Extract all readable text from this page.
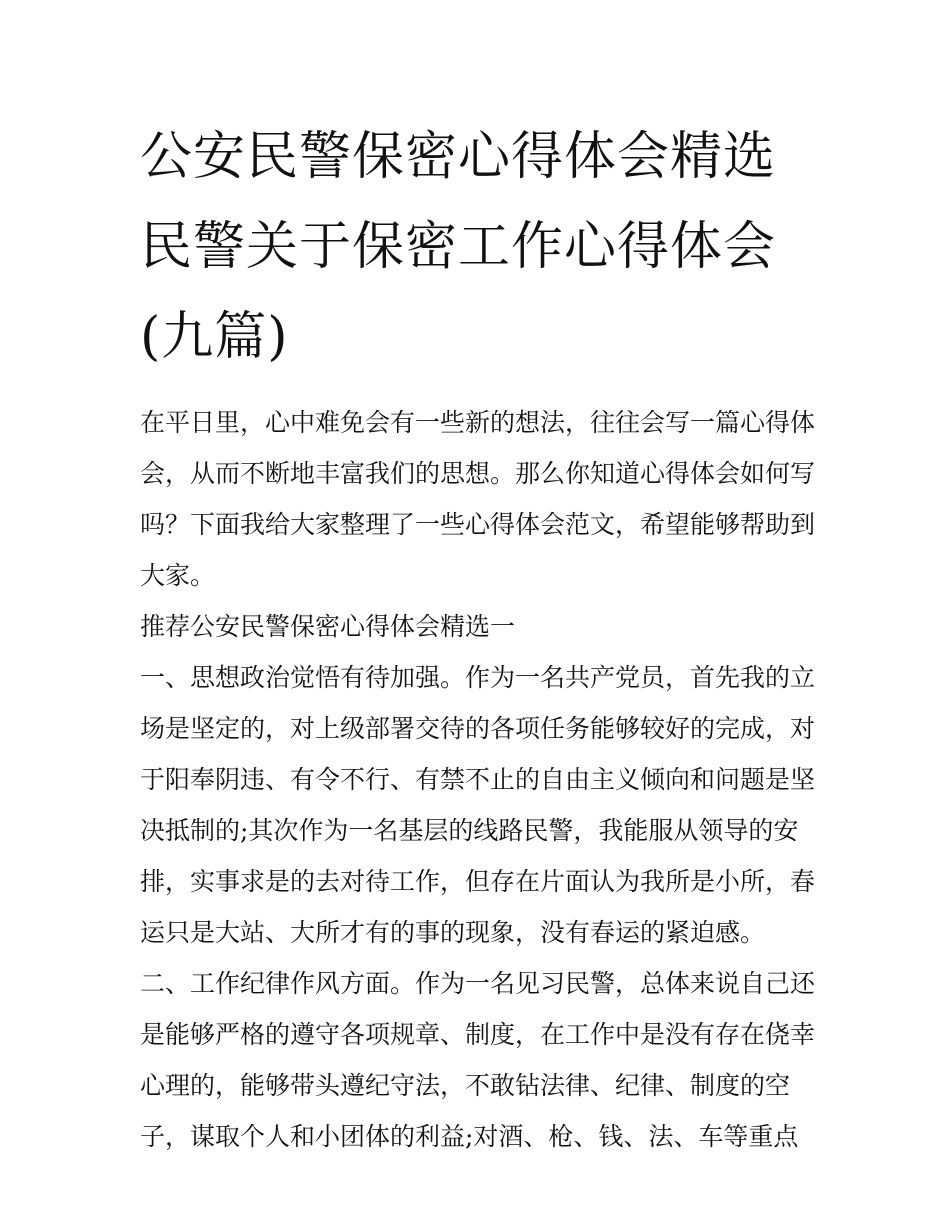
公安民警保密心得体会精选 民警关于保密工作心得体会(九篇)

在平日里，心中难免会有一些新的想法，往往会写一篇心得体会，从而不断地丰富我们的思想。那么你知道心得体会如何写吗？下面我给大家整理了一些心得体会范文，希望能够帮助到大家。

推荐公安民警保密心得体会精选一

一、思想政治觉悟有待加强。作为一名共产党员，首先我的立场是坚定的，对上级部署交待的各项任务能够较好的完成，对于阳奉阴违、有令不行、有禁不止的自由主义倾向和问题是坚决抵制的;其次作为一名基层的线路民警，我能服从领导的安排，实事求是的去对待工作，但存在片面认为我所是小所，春运只是大站、大所才有的事的现象，没有春运的紧迫感。

二、工作纪律作风方面。作为一名见习民警，总体来说自己还是能够严格的遵守各项规章、制度，在工作中是没有存在侥幸心理的，能够带头遵纪守法，不敢钻法律、纪律、制度的空子，谋取个人和小团体的利益;对酒、枪、钱、法、车等重点
